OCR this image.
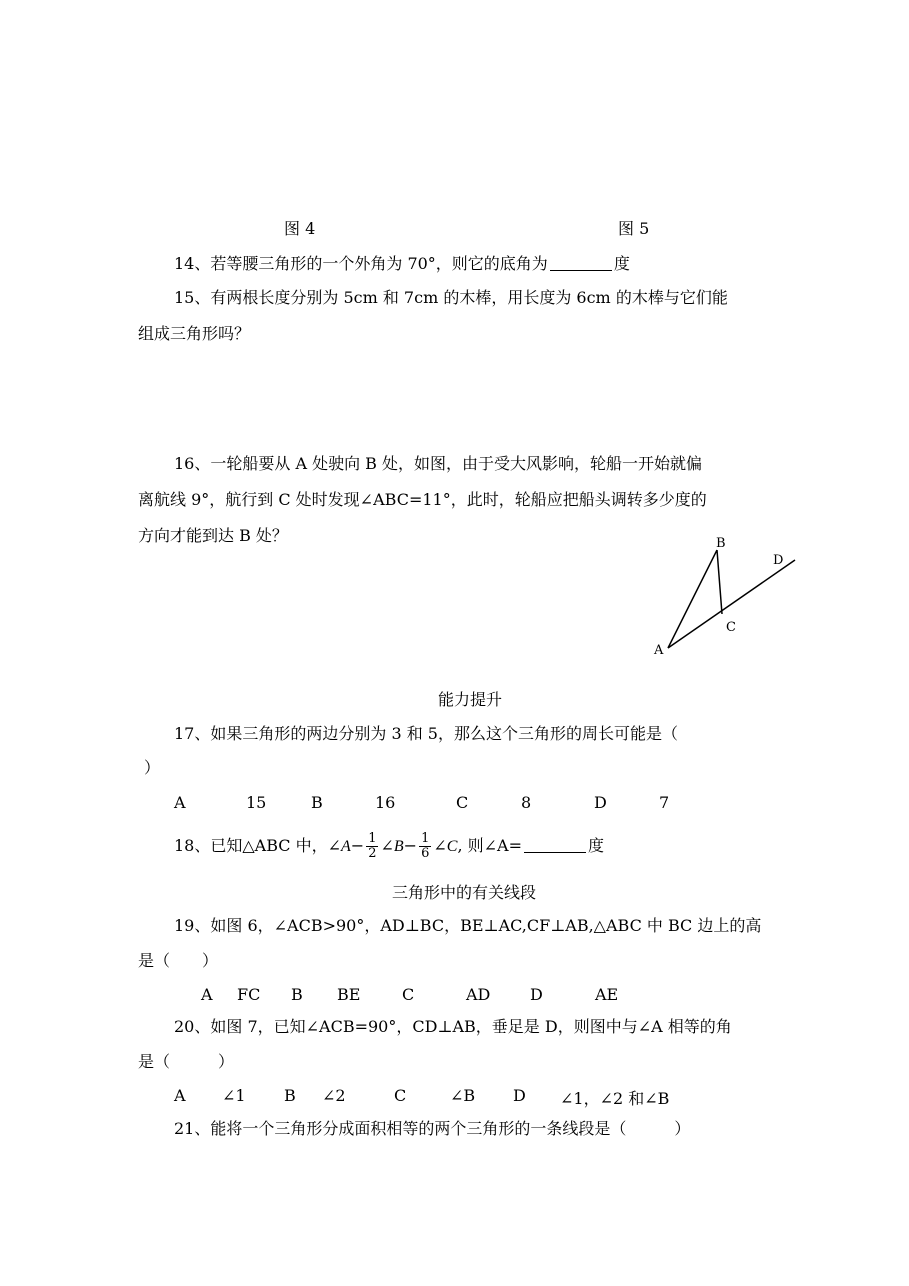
图 4	图 5
14、若等腰三角形的一个外角为 70°，则它的底角为	度
15、有两根长度分别为 5cm 和 7cm 的木棒，用长度为 6cm 的木棒与它们能
组成三角形吗？
16、一轮船要从 A 处驶向 B 处，如图，由于受大风影响，轮船一开始就偏
离航线 9°，航行到 C 处时发现∠ABC=11°，此时，轮船应把船头调转多少度的
方向才能到达 B 处？
A
B
C
D
能力提升
17、如果三角形的两边分别为 3 和 5，那么这个三角形的周长可能是（
）
A	15	B	16	C	8	D	7
18、已知△ABC 中，∠A− $\frac{1}{2}$ ∠B− $\frac{1}{6}$ ∠C, 则∠A=	度
三角形中的有关线段
19、如图 6，∠ACB>90°，AD⊥BC，BE⊥AC,CF⊥AB,△ABC 中 BC 边上的高
是（　　）
A FC B BE	C	AD D	AE
20、如图 7，已知∠ACB=90°，CD⊥AB，垂足是 D，则图中与∠A 相等的角
是（　　　）
A ∠1 B ∠2	C	∠B D ∠1，∠2 和∠B
21、能将一个三角形分成面积相等的两个三角形的一条线段是（　　　）
